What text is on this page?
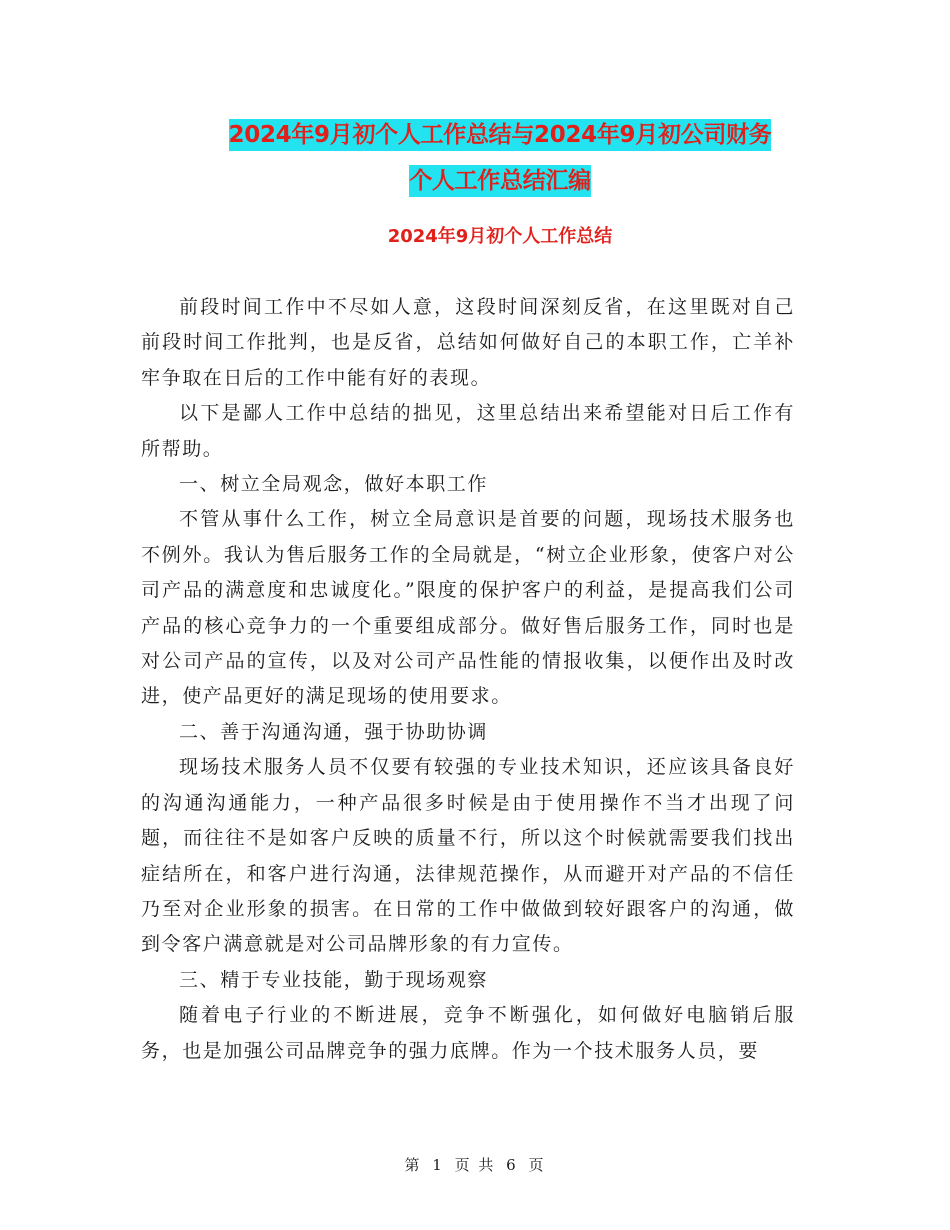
2024年9月初个人工作总结与2024年9月初公司财务
个人工作总结汇编
2024年9月初个人工作总结

前段时间工作中不尽如人意，这段时间深刻反省，在这里既对自己前段时间工作批判，也是反省，总结如何做好自己的本职工作，亡羊补牢争取在日后的工作中能有好的表现。

以下是鄙人工作中总结的拙见，这里总结出来希望能对日后工作有所帮助。

一、树立全局观念，做好本职工作

不管从事什么工作，树立全局意识是首要的问题，现场技术服务也不例外。我认为售后服务工作的全局就是，“树立企业形象，使客户对公司产品的满意度和忠诚度化。”限度的保护客户的利益，是提高我们公司产品的核心竞争力的一个重要组成部分。做好售后服务工作，同时也是对公司产品的宣传，以及对公司产品性能的情报收集，以便作出及时改进，使产品更好的满足现场的使用要求。

二、善于沟通沟通，强于协助协调

现场技术服务人员不仅要有较强的专业技术知识，还应该具备良好的沟通沟通能力，一种产品很多时候是由于使用操作不当才出现了问题，而往往不是如客户反映的质量不行，所以这个时候就需要我们找出症结所在，和客户进行沟通，法律规范操作，从而避开对产品的不信任乃至对企业形象的损害。在日常的工作中做做到较好跟客户的沟通，做到令客户满意就是对公司品牌形象的有力宣传。

三、精于专业技能，勤于现场观察

随着电子行业的不断进展，竞争不断强化，如何做好电脑销后服务，也是加强公司品牌竞争的强力底牌。作为一个技术服务人员，要

第 1 页 共 6 页
